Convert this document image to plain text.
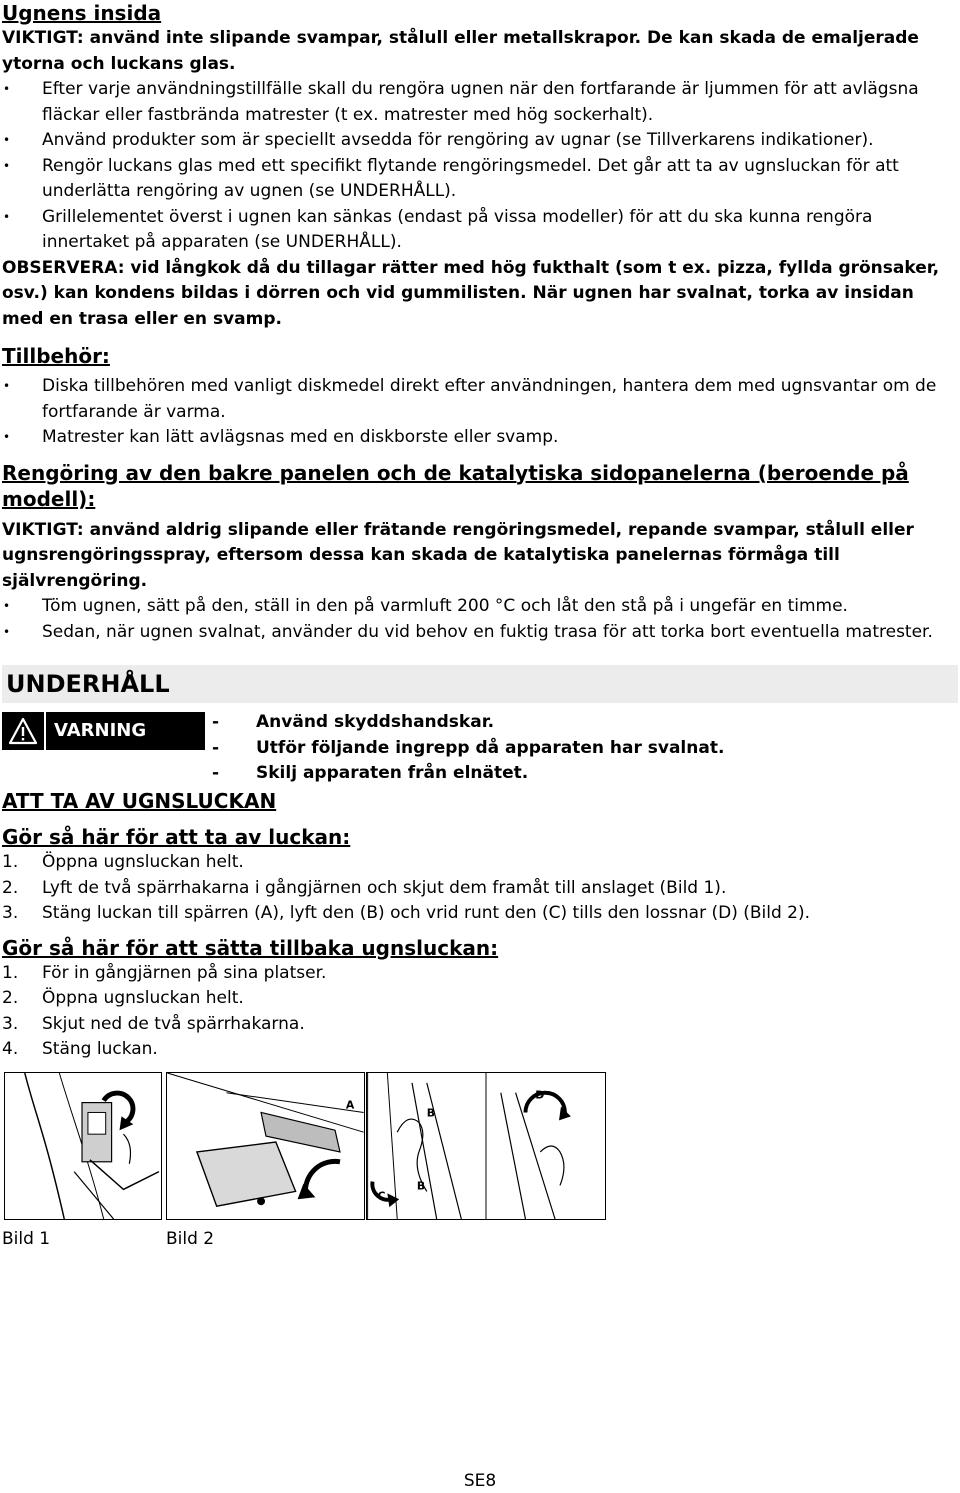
Ugnens insida

VIKTIGT: använd inte slipande svampar, stålull eller metallskrapor. De kan skada de emaljerade ytorna och luckans glas.

• Efter varje användningstillfälle skall du rengöra ugnen när den fortfarande är ljummen för att avlägsna fläckar eller fastbrända matrester (t ex. matrester med hög sockerhalt).
• Använd produkter som är speciellt avsedda för rengöring av ugnar (se Tillverkarens indikationer).
• Rengör luckans glas med ett specifikt flytande rengöringsmedel. Det går att ta av ugnsluckan för att underlätta rengöring av ugnen (se UNDERHÅLL).
• Grillelementet överst i ugnen kan sänkas (endast på vissa modeller) för att du ska kunna rengöra innertaket på apparaten (se UNDERHÅLL).

OBSERVERA: vid långkok då du tillagar rätter med hög fukthalt (som t ex. pizza, fyllda grönsaker, osv.) kan kondens bildas i dörren och vid gummilisten. När ugnen har svalnat, torka av insidan med en trasa eller en svamp.

Tillbehör:

• Diska tillbehören med vanligt diskmedel direkt efter användningen, hantera dem med ugnsvantar om de fortfarande är varma.
• Matrester kan lätt avlägsnas med en diskborste eller svamp.

Rengöring av den bakre panelen och de katalytiska sidopanelerna (beroende på modell):

VIKTIGT: använd aldrig slipande eller frätande rengöringsmedel, repande svampar, stålull eller ugnsrengöringsspray, eftersom dessa kan skada de katalytiska panelernas förmåga till självrengöring.

• Töm ugnen, sätt på den, ställ in den på varmluft 200 °C och låt den stå på i ungefär en timme.
• Sedan, när ugnen svalnat, använder du vid behov en fuktig trasa för att torka bort eventuella matrester.
UNDERHÅLL
VARNING	- Använd skyddshandskar.
- Utför följande ingrepp då apparaten har svalnat.
- Skilj apparaten från elnätet.

ATT TA AV UGNSLUCKAN

Gör så här för att ta av luckan:

1. Öppna ugnsluckan helt.
2. Lyft de två spärrhakarna i gångjärnen och skjut dem framåt till anslaget (Bild 1).
3. Stäng luckan till spärren (A), lyft den (B) och vrid runt den (C) tills den lossnar (D) (Bild 2).

Gör så här för att sätta tillbaka ugnsluckan:

1. För in gångjärnen på sina platser.
2. Öppna ugnsluckan helt.
3. Skjut ned de två spärrhakarna.
4. Stäng luckan.
B
C
D
B
A
Bild 1	Bild 2
SE8
